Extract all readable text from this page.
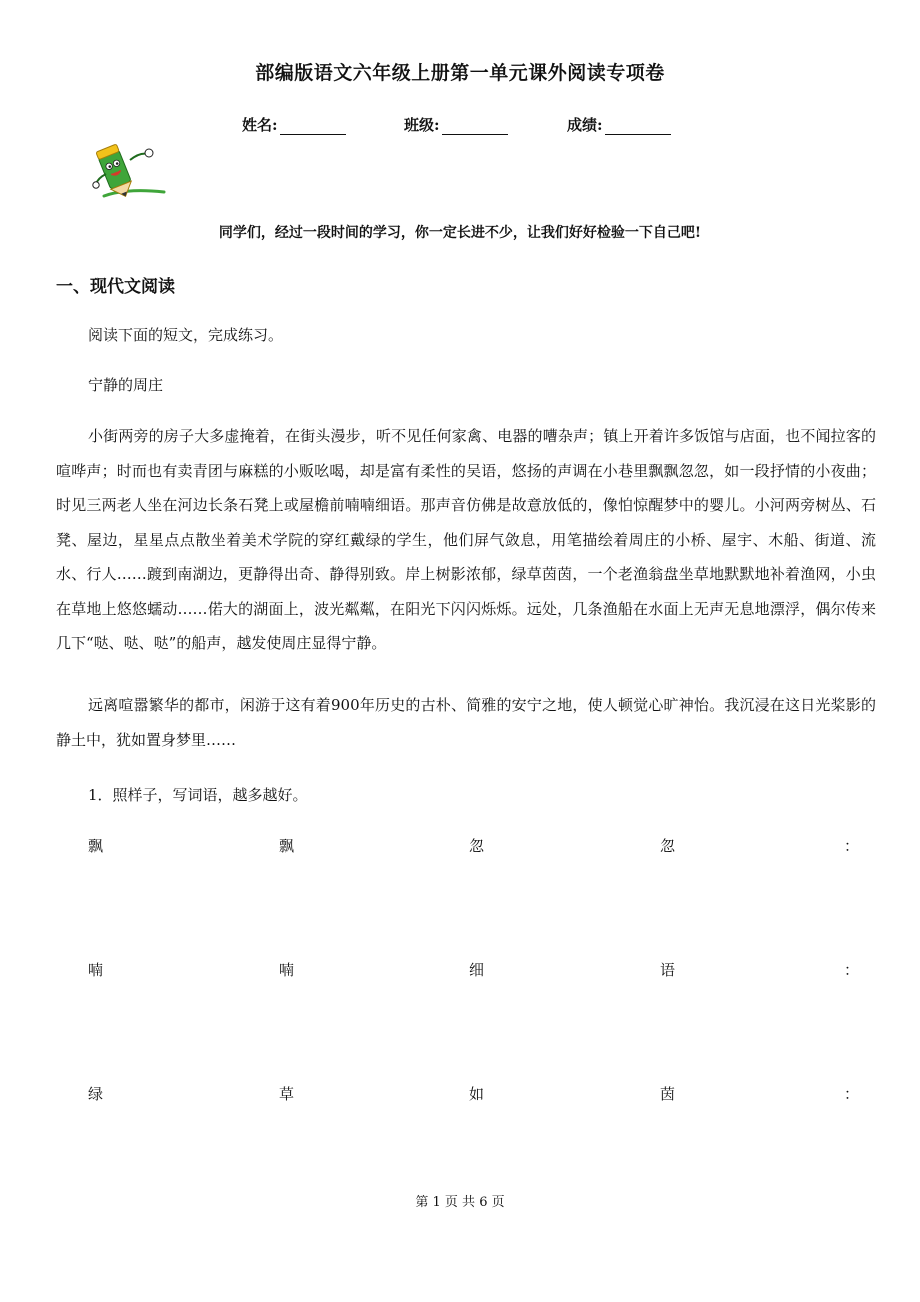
部编版语文六年级上册第一单元课外阅读专项卷
姓名:	班级:	成绩:
同学们，经过一段时间的学习，你一定长进不少，让我们好好检验一下自己吧!
一、现代文阅读
阅读下面的短文，完成练习。
宁静的周庄
小街两旁的房子大多虚掩着，在街头漫步，听不见任何家禽、电器的嘈杂声；镇上开着许多饭馆与店面，也不闻拉客的喧哗声；时而也有卖青团与麻糕的小贩吆喝，却是富有柔性的吴语，悠扬的声调在小巷里飘飘忽忽，如一段抒情的小夜曲；时见三两老人坐在河边长条石凳上或屋檐前喃喃细语。那声音仿佛是故意放低的，像怕惊醒梦中的婴儿。小河两旁树丛、石凳、屋边，星星点点散坐着美术学院的穿红戴绿的学生，他们屏气敛息，用笔描绘着周庄的小桥、屋宇、木船、街道、流水、行人……踱到南湖边，更静得出奇、静得别致。岸上树影浓郁，绿草茵茵，一个老渔翁盘坐草地默默地补着渔网，小虫在草地上悠悠蠕动……偌大的湖面上，波光粼粼，在阳光下闪闪烁烁。远处，几条渔船在水面上无声无息地漂浮，偶尔传来几下“哒、哒、哒”的船声，越发使周庄显得宁静。
远离喧嚣繁华的都市，闲游于这有着900年历史的古朴、简雅的安宁之地，使人顿觉心旷神怡。我沉浸在这日光桨影的静土中，犹如置身梦里……
1．照样子，写词语，越多越好。
飘	飘	忽	忽	：
喃	喃	细	语	：
绿	草	如	茵	：
第 1 页 共 6 页
